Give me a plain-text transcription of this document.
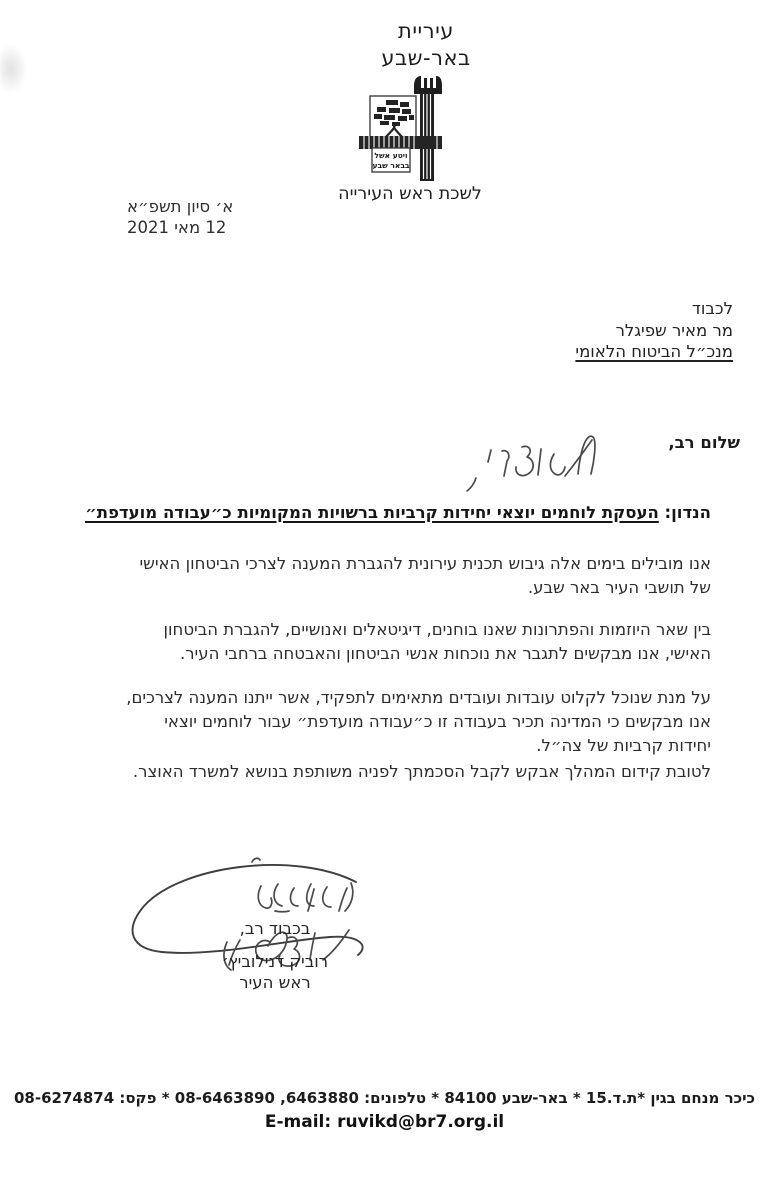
עיריית
באר-שבע
ויטע אשל
בבאר שבע
לשכת ראש העירייה
א׳ סיון תשפ״א
12 מאי 2021
לכבוד
מר מאיר שפיגלר
מנכ״ל הביטוח הלאומי
שלום רב,
הנדון: העסקת לוחמים יוצאי יחידות קרביות ברשויות המקומיות כ״עבודה מועדפת״
אנו מובילים בימים אלה גיבוש תכנית עירונית להגברת המענה לצרכי הביטחון האישי
של תושבי העיר באר שבע.
בין שאר היוזמות והפתרונות שאנו בוחנים, דיגיטאלים ואנושיים, להגברת הביטחון
האישי, אנו מבקשים לתגבר את נוכחות אנשי הביטחון והאבטחה ברחבי העיר.
על מנת שנוכל לקלוט עובדות ועובדים מתאימים לתפקיד, אשר ייתנו המענה לצרכים,
אנו מבקשים כי המדינה תכיר בעבודה זו כ״עבודה מועדפת״ עבור לוחמים יוצאי
יחידות קרביות של צה״ל.
לטובת קידום המהלך אבקש לקבל הסכמתך לפניה משותפת בנושא למשרד האוצר.
בכבוד רב,
רוביק דנילוביץ׳
ראש העיר
כיכר מנחם בגין *ת.ד.15 * באר-שבע 84100 * טלפונים: 6463880, 08-6463890 * פקס: 08-6274874
E-mail: ruvikd@br7.org.il
